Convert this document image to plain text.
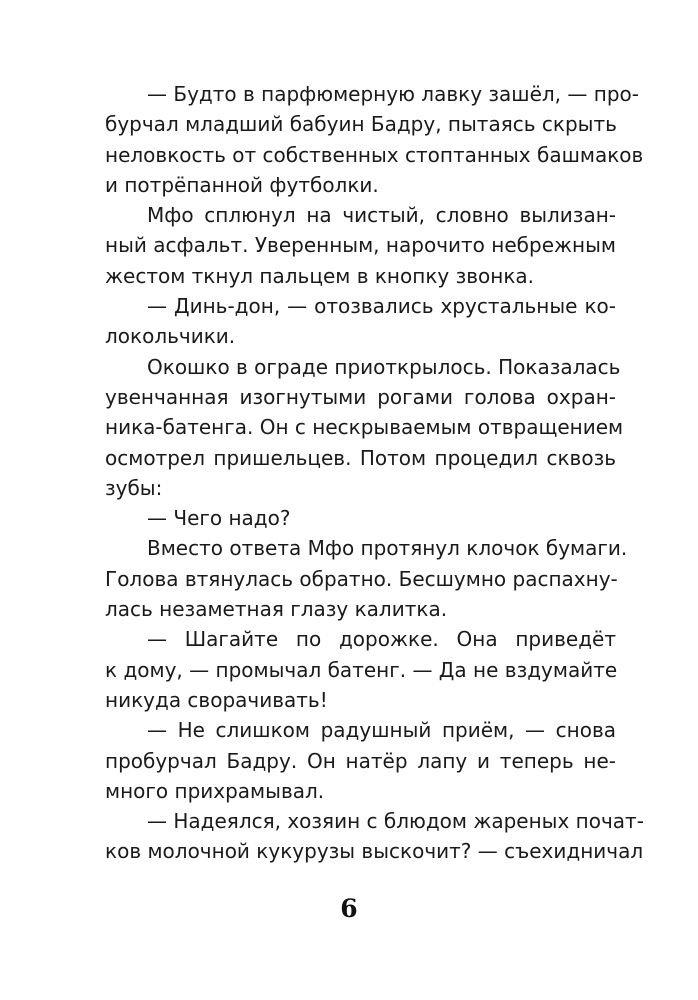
— Будто в парфюмерную лавку зашёл, — про-
бурчал младший бабуин Бадру, пытаясь скрыть
неловкость от собственных стоптанных башмаков
и потрёпанной футболки.
Мфо сплюнул на чистый, словно вылизан-
ный асфальт. Уверенным, нарочито небрежным
жестом ткнул пальцем в кнопку звонка.
— Динь-дон, — отозвались хрустальные ко-
локольчики.
Окошко в ограде приоткрылось. Показалась
увенчанная изогнутыми рогами голова охран-
ника-батенга. Он с нескрываемым отвращением
осмотрел пришельцев. Потом процедил сквозь
зубы:
— Чего надо?
Вместо ответа Мфо протянул клочок бумаги.
Голова втянулась обратно. Бесшумно распахну-
лась незаметная глазу калитка.
— Шагайте по дорожке. Она приведёт
к дому, — промычал батенг. — Да не вздумайте
никуда сворачивать!
— Не слишком радушный приём, — снова
пробурчал Бадру. Он натёр лапу и теперь не-
много прихрамывал.
— Надеялся, хозяин с блюдом жареных почат-
ков молочной кукурузы выскочит? — съехидничал
6
